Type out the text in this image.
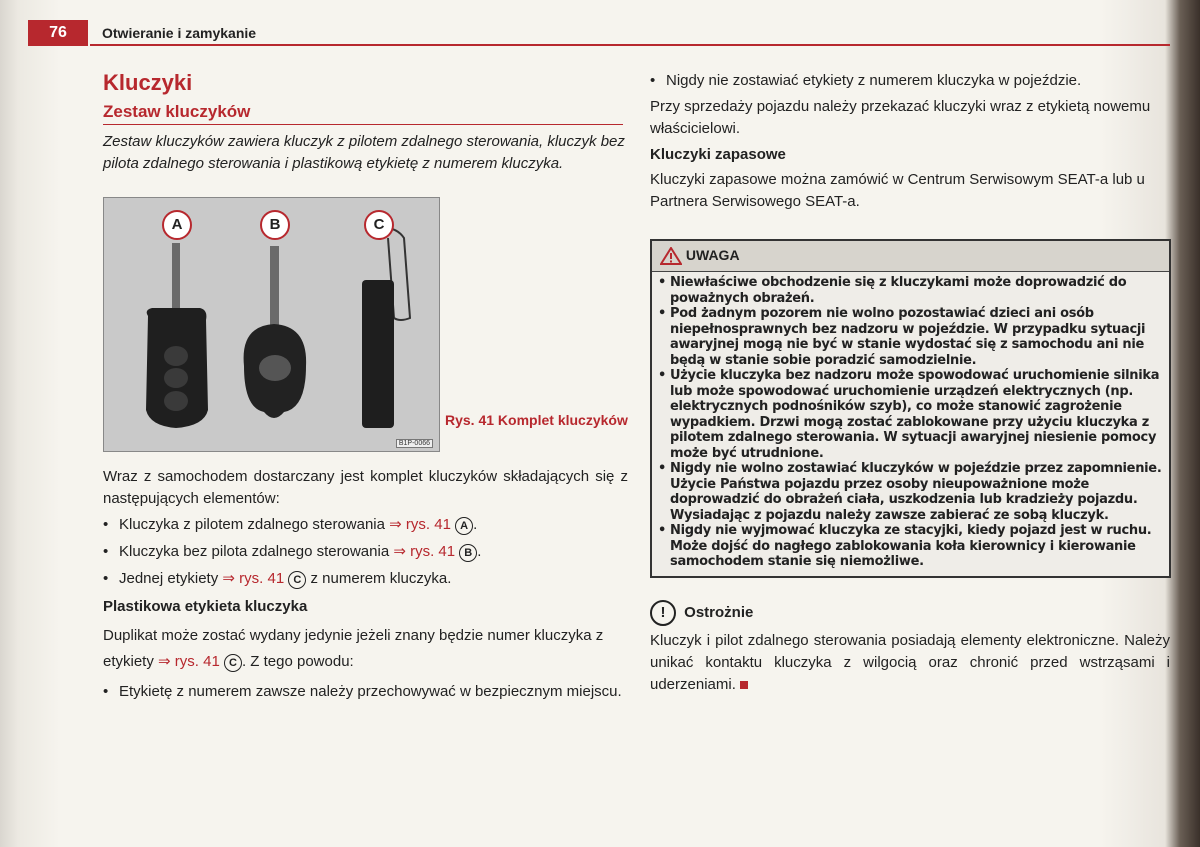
76	Otwieranie i zamykanie
Kluczyki
Zestaw kluczyków

Zestaw kluczyków zawiera kluczyk z pilotem zdalnego sterowania, kluczyk bez pilota zdalnego sterowania i plastikową etykietę z numerem kluczyka.

A	B	C
B1P-0066
Rys. 41 Komplet kluczyków

Wraz z samochodem dostarczany jest komplet kluczyków składających się z następujących elementów:

• Kluczyka z pilotem zdalnego sterowania ⇒ rys. 41 A .
• Kluczyka bez pilota zdalnego sterowania ⇒ rys. 41 B .
• Jednej etykiety ⇒ rys. 41 C z numerem kluczyka.
Plastikowa etykieta kluczyka

Duplikat może zostać wydany jedynie jeżeli znany będzie numer kluczyka z etykiety ⇒ rys. 41 C . Z tego powodu:

• Etykietę z numerem zawsze należy przechowywać w bezpiecznym miejscu.
• Nigdy nie zostawiać etykiety z numerem kluczyka w pojeździe.

Przy sprzedaży pojazdu należy przekazać kluczyki wraz z etykietą nowemu właścicielowi.

Kluczyki zapasowe

Kluczyki zapasowe można zamówić w Centrum Serwisowym SEAT-a lub u Partnera Serwisowego SEAT-a.

UWAGA
• Niewłaściwe obchodzenie się z kluczykami może doprowadzić do poważnych obrażeń.
• Pod żadnym pozorem nie wolno pozostawiać dzieci ani osób niepełnosprawnych bez nadzoru w pojeździe. W przypadku sytuacji awaryjnej mogą nie być w stanie wydostać się z samochodu ani nie będą w stanie sobie poradzić samodzielnie.
• Użycie kluczyka bez nadzoru może spowodować uruchomienie silnika lub może spowodować uruchomienie urządzeń elektrycznych (np. elektrycznych podnośników szyb), co może stanowić zagrożenie wypadkiem. Drzwi mogą zostać zablokowane przy użyciu kluczyka z pilotem zdalnego sterowania. W sytuacji awaryjnej niesienie pomocy może być utrudnione.
• Nigdy nie wolno zostawiać kluczyków w pojeździe przez zapomnienie. Użycie Państwa pojazdu przez osoby nieupoważnione może doprowadzić do obrażeń ciała, uszkodzenia lub kradzieży pojazdu. Wysiadając z pojazdu należy zawsze zabierać ze sobą kluczyk.
• Nigdy nie wyjmować kluczyka ze stacyjki, kiedy pojazd jest w ruchu. Może dojść do nagłego zablokowania koła kierownicy i kierowanie samochodem stanie się niemożliwe.
! Ostrożnie

Kluczyk i pilot zdalnego sterowania posiadają elementy elektroniczne. Należy unikać kontaktu kluczyka z wilgocią oraz chronić przed wstrząsami i uderzeniami.
